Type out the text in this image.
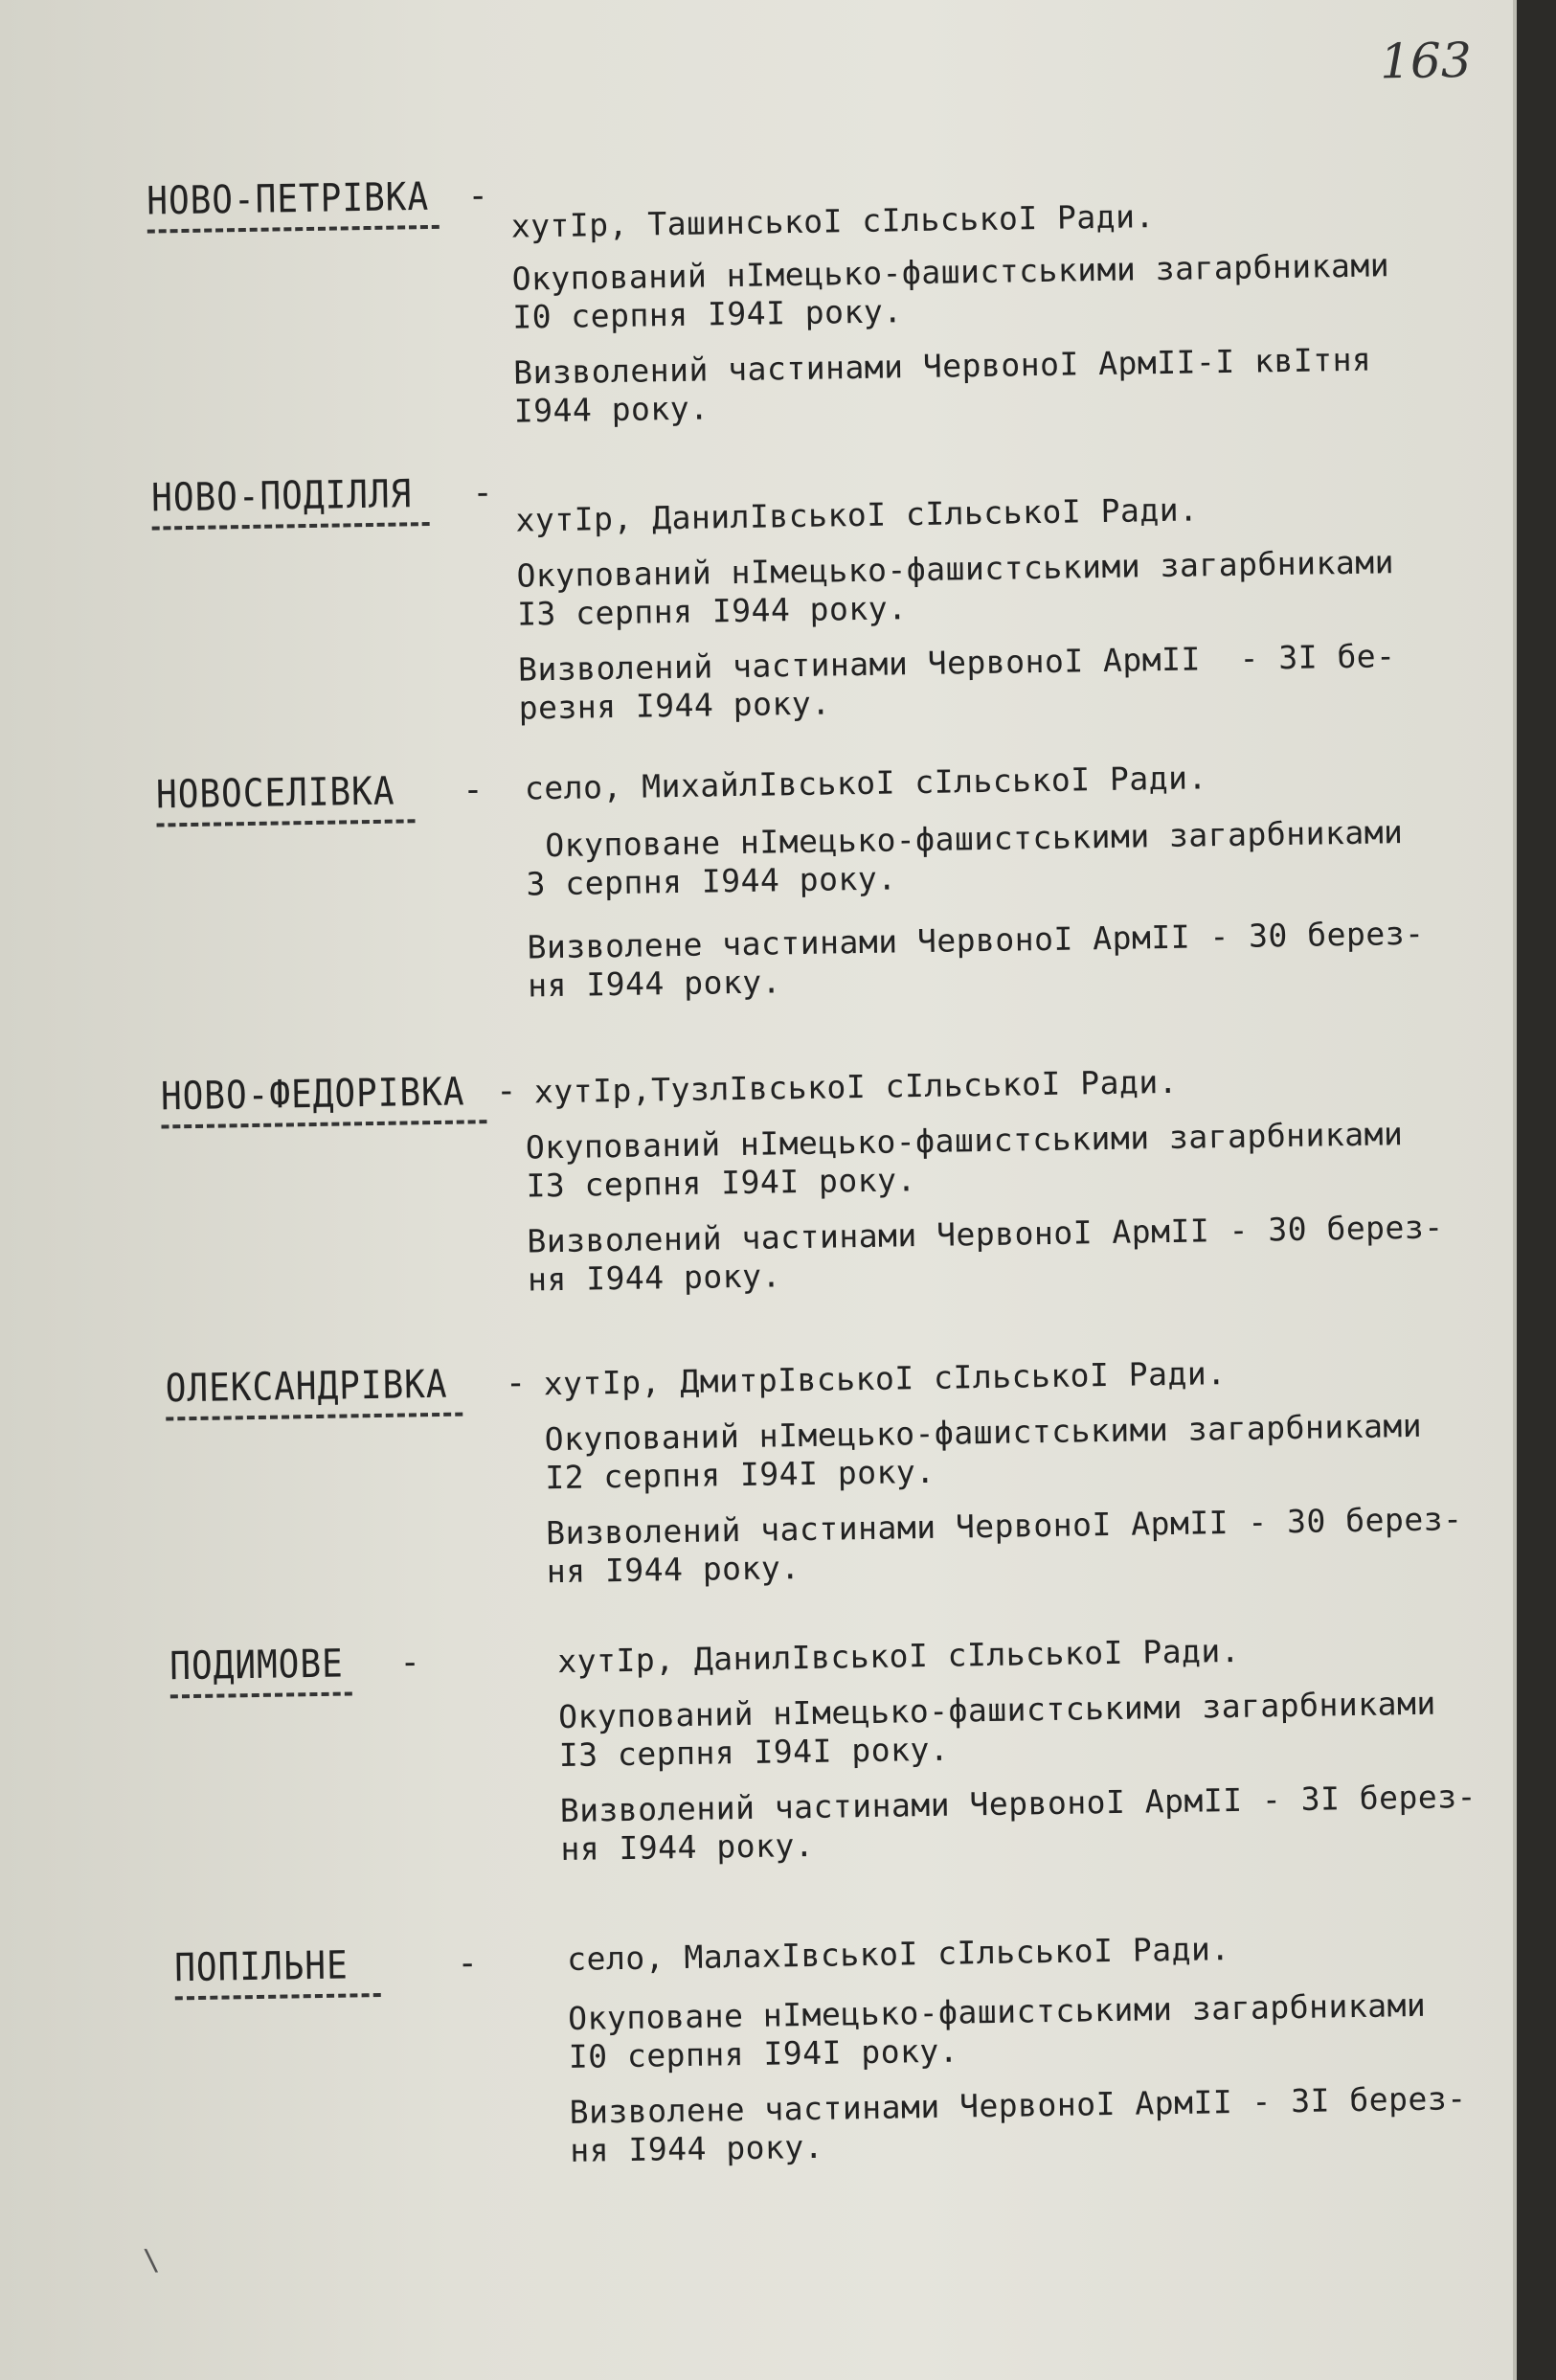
163
НОВО-ПЕТРІВКА -
хутІр, ТашинськоІ сІльськоІ Ради.
Окупований нІмецько-фашистськими загарбниками
I0 серпня I94I року.
Визволений частинами ЧервоноІ АрмІІ-І квІтня
I944 року.
НОВО-ПОДІЛЛЯ - хутІр, ДанилІвськоІ сІльськоІ Ради.
Окупований нІмецько-фашистськими загарбниками
I3 серпня I944 року.
Визволений частинами ЧервоноІ АрмІІ  - 3І бе-
резня I944 року.
НОВОСЕЛІВКА - село, МихайлІвськоІ сІльськоІ Ради.
Окуповане нІмецько-фашистськими загарбниками
3 серпня I944 року.
Визволене частинами ЧервоноІ АрмІІ - 30 берез-
ня I944 року.
НОВО-ФЕДОРІВКА - хутІр,ТузлІвськоІ сІльськоІ Ради.
Окупований нІмецько-фашистськими загарбниками
I3 серпня I94I року.
Визволений частинами ЧервоноІ АрмІІ - 30 берез-
ня I944 року.
ОЛЕКСАНДРІВКА - хутІр, ДмитрІвськоІ сІльськоІ Ради.
Окупований нІмецько-фашистськими загарбниками
I2 серпня I94I року.
Визволений частинами ЧервоноІ АрмІІ - 30 берез-
ня I944 року.
ПОДИМОВЕ -	хутІр, ДанилІвськоІ сІльськоІ Ради.
Окупований нІмецько-фашистськими загарбниками
I3 серпня I94I року.
Визволений частинами ЧервоноІ АрмІІ - 3І берез-
ня I944 року.
ПОПІЛЬНЕ	-	село, МалахІвськоІ сІльськоІ Ради.
Окуповане нІмецько-фашистськими загарбниками
I0 серпня I94I року.
Визволене частинами ЧервоноІ АрмІІ - 3І берез-
ня I944 року.
\
